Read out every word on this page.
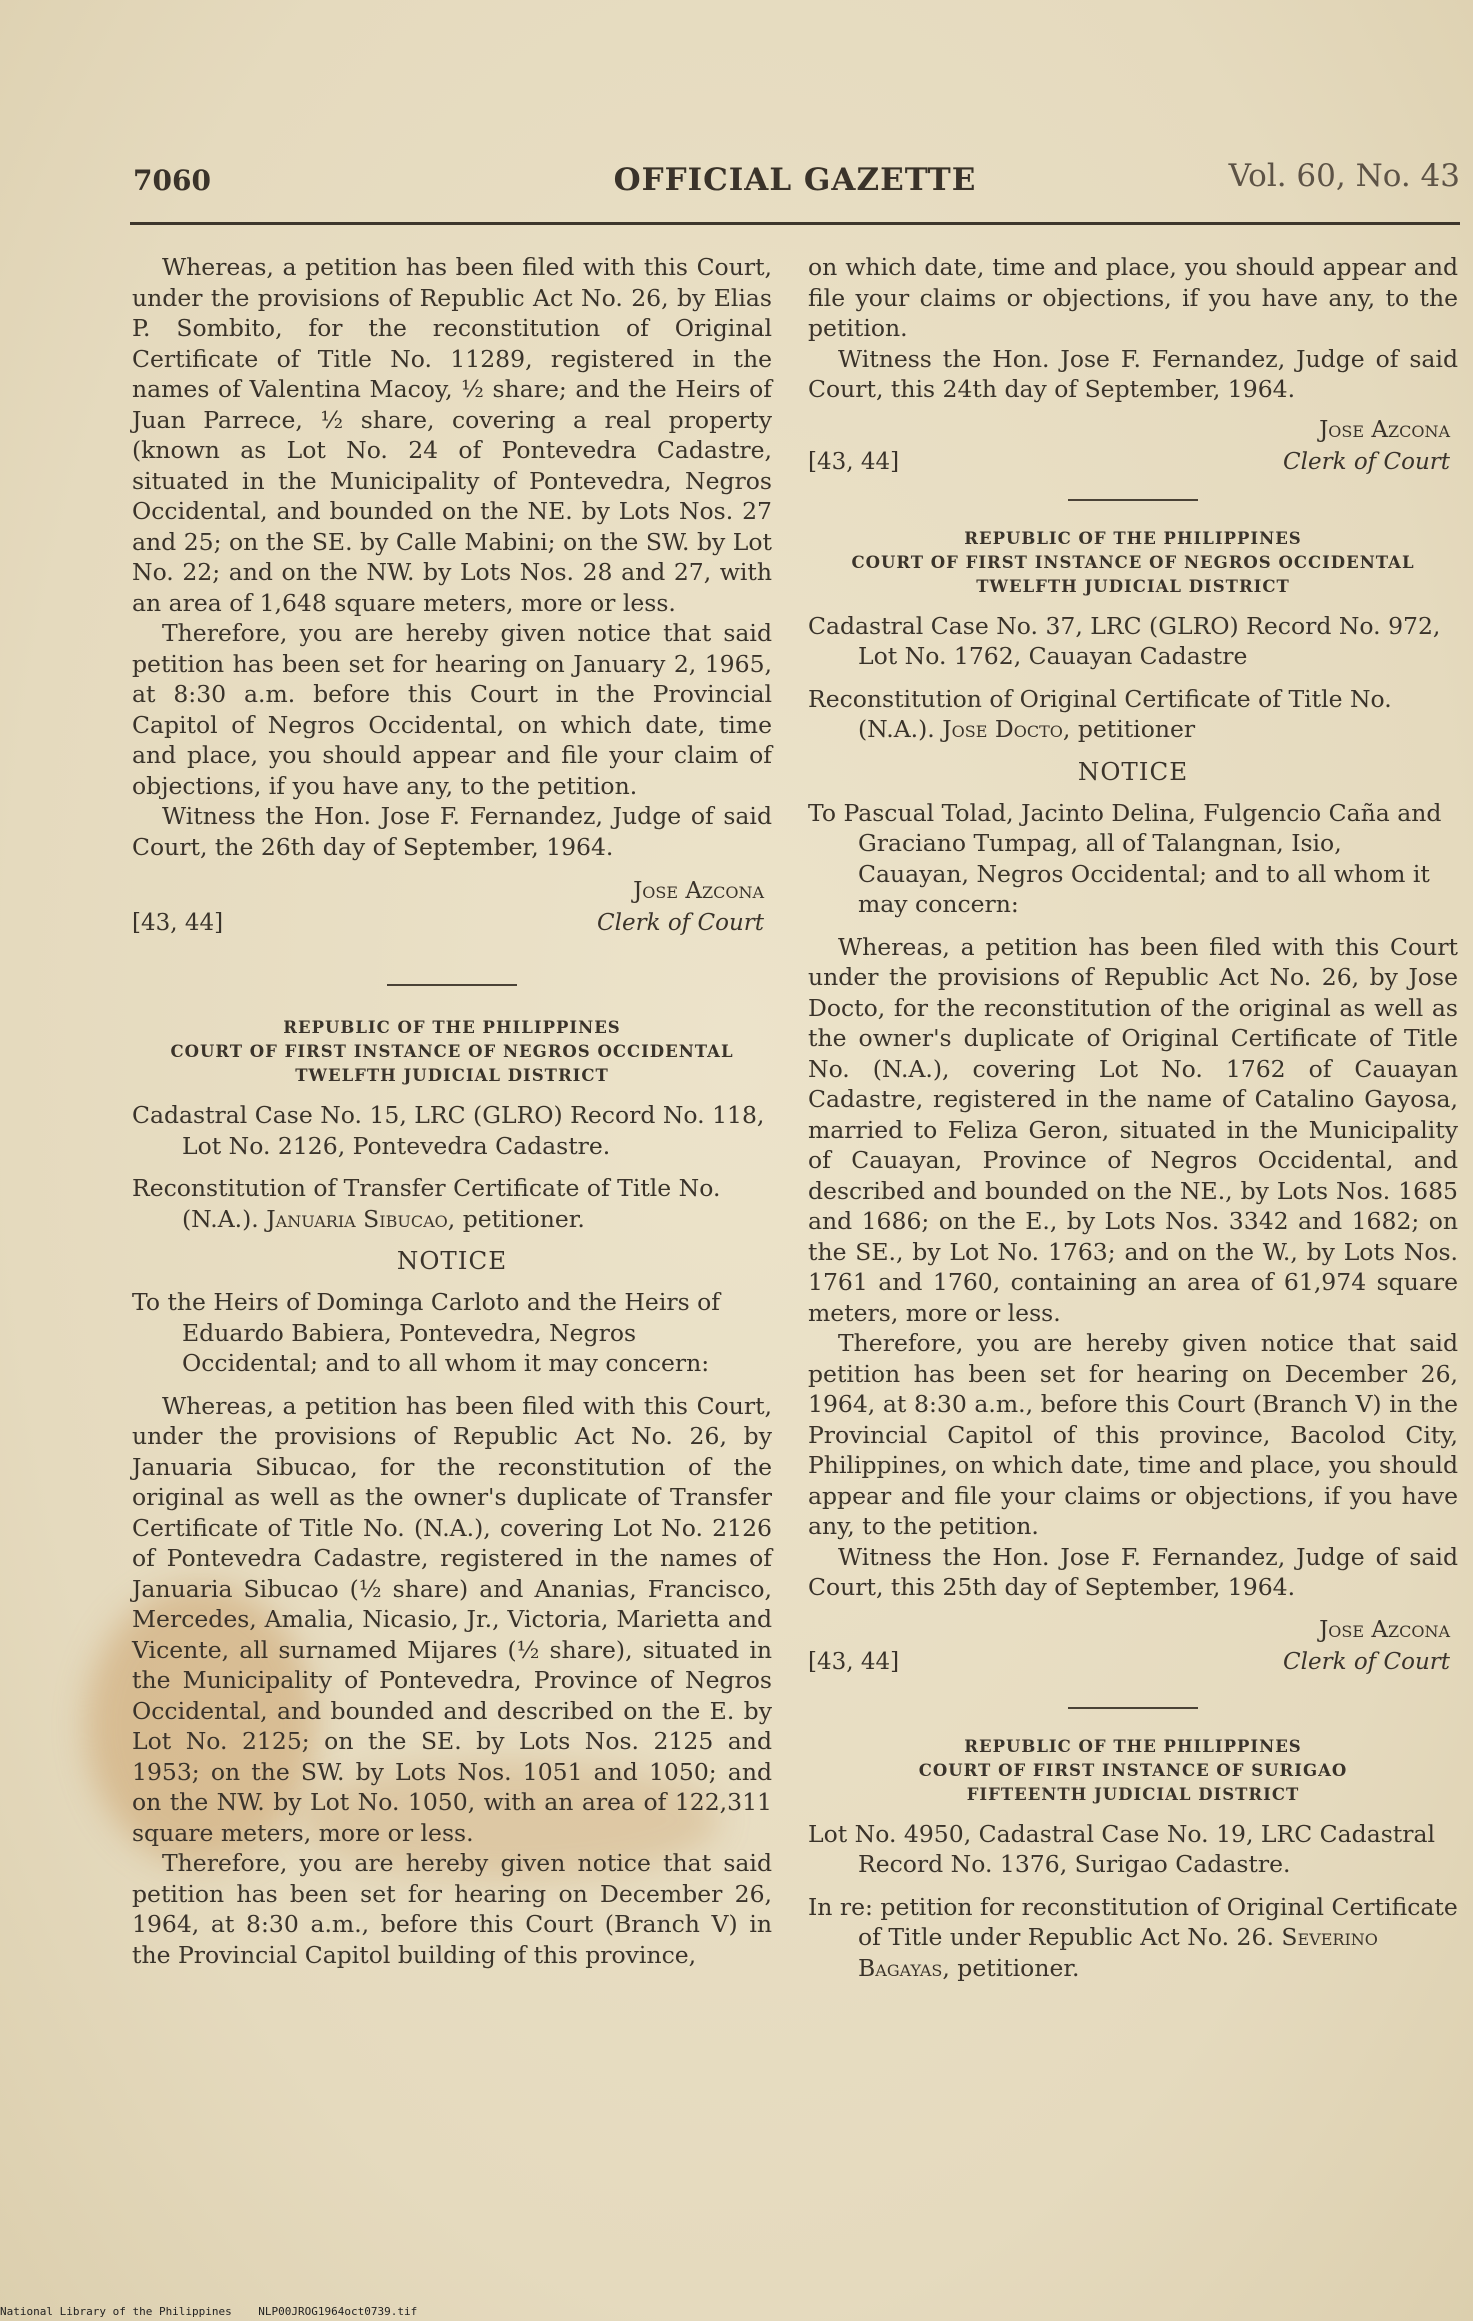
7060	OFFICIAL GAZETTE	Vol. 60, No. 43

Whereas, a petition has been filed with this Court, under the provisions of Republic Act No. 26, by Elias P. Sombito, for the reconstitution of Original Certificate of Title No. 11289, registered in the names of Valentina Macoy, ½ share; and the Heirs of Juan Parrece, ½ share, covering a real property (known as Lot No. 24 of Pontevedra Cadastre, situated in the Municipality of Pontevedra, Negros Occidental, and bounded on the NE. by Lots Nos. 27 and 25; on the SE. by Calle Mabini; on the SW. by Lot No. 22; and on the NW. by Lots Nos. 28 and 27, with an area of 1,648 square meters, more or less.

Therefore, you are hereby given notice that said petition has been set for hearing on January 2, 1965, at 8:30 a.m. before this Court in the Provincial Capitol of Negros Occidental, on which date, time and place, you should appear and file your claim of objections, if you have any, to the petition.

Witness the Hon. Jose F. Fernandez, Judge of said Court, the 26th day of September, 1964.

[43, 44]
Jose Azcona
Clerk of Court
REPUBLIC OF THE PHILIPPINES
COURT OF FIRST INSTANCE OF NEGROS OCCIDENTAL
TWELFTH JUDICIAL DISTRICT

Cadastral Case No. 15, LRC (GLRO) Record No. 118, Lot No. 2126, Pontevedra Cadastre.

Reconstitution of Transfer Certificate of Title No. (N.A.). Januaria Sibucao, petitioner.

NOTICE

To the Heirs of Dominga Carloto and the Heirs of Eduardo Babiera, Pontevedra, Negros Occidental; and to all whom it may concern:

Whereas, a petition has been filed with this Court, under the provisions of Republic Act No. 26, by Januaria Sibucao, for the reconstitution of the original as well as the owner's duplicate of Transfer Certificate of Title No. (N.A.), covering Lot No. 2126 of Pontevedra Cadastre, registered in the names of Januaria Sibucao (½ share) and Ananias, Francisco, Mercedes, Amalia, Nicasio, Jr., Victoria, Marietta and Vicente, all surnamed Mijares (½ share), situated in the Municipality of Pontevedra, Province of Negros Occidental, and bounded and described on the E. by Lot No. 2125; on the SE. by Lots Nos. 2125 and 1953; on the SW. by Lots Nos. 1051 and 1050; and on the NW. by Lot No. 1050, with an area of 122,311 square meters, more or less.

Therefore, you are hereby given notice that said petition has been set for hearing on December 26, 1964, at 8:30 a.m., before this Court (Branch V) in the Provincial Capitol building of this province,

on which date, time and place, you should appear and file your claims or objections, if you have any, to the petition.

Witness the Hon. Jose F. Fernandez, Judge of said Court, this 24th day of September, 1964.

[43, 44]
Jose Azcona
Clerk of Court
REPUBLIC OF THE PHILIPPINES
COURT OF FIRST INSTANCE OF NEGROS OCCIDENTAL
TWELFTH JUDICIAL DISTRICT

Cadastral Case No. 37, LRC (GLRO) Record No. 972, Lot No. 1762, Cauayan Cadastre

Reconstitution of Original Certificate of Title No. (N.A.). Jose Docto, petitioner

NOTICE

To Pascual Tolad, Jacinto Delina, Fulgencio Caña and Graciano Tumpag, all of Talangnan, Isio, Cauayan, Negros Occidental; and to all whom it may concern:

Whereas, a petition has been filed with this Court under the provisions of Republic Act No. 26, by Jose Docto, for the reconstitution of the original as well as the owner's duplicate of Original Certificate of Title No. (N.A.), covering Lot No. 1762 of Cauayan Cadastre, registered in the name of Catalino Gayosa, married to Feliza Geron, situated in the Municipality of Cauayan, Province of Negros Occidental, and described and bounded on the NE., by Lots Nos. 1685 and 1686; on the E., by Lots Nos. 3342 and 1682; on the SE., by Lot No. 1763; and on the W., by Lots Nos. 1761 and 1760, containing an area of 61,974 square meters, more or less.

Therefore, you are hereby given notice that said petition has been set for hearing on December 26, 1964, at 8:30 a.m., before this Court (Branch V) in the Provincial Capitol of this province, Bacolod City, Philippines, on which date, time and place, you should appear and file your claims or objections, if you have any, to the petition.

Witness the Hon. Jose F. Fernandez, Judge of said Court, this 25th day of September, 1964.

[43, 44]
Jose Azcona
Clerk of Court
REPUBLIC OF THE PHILIPPINES
COURT OF FIRST INSTANCE OF SURIGAO
FIFTEENTH JUDICIAL DISTRICT

Lot No. 4950, Cadastral Case No. 19, LRC Cadastral Record No. 1376, Surigao Cadastre.

In re: petition for reconstitution of Original Certificate of Title under Republic Act No. 26. Severino Bagayas, petitioner.

National Library of the Philippines NLP00JROG1964oct0739.tif
